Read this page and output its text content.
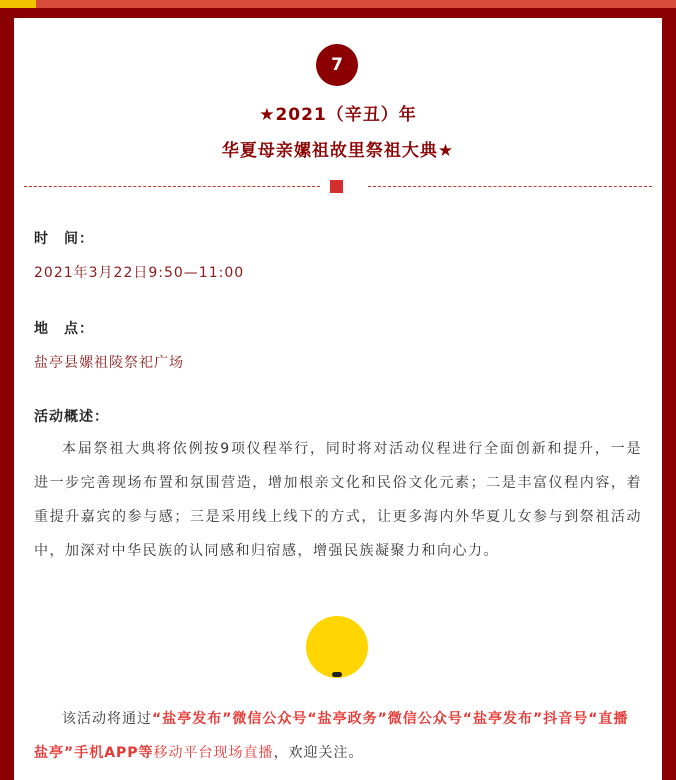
7
★2021（辛丑）年
华夏母亲嫘祖故里祭祖大典★
时　间：
2021年3月22日9:50—11:00
地　点：
盐亭县嫘祖陵祭祀广场
活动概述：

本届祭祖大典将依例按9项仪程举行，同时将对活动仪程进行全面创新和提升，一是进一步完善现场布置和氛围营造，增加根亲文化和民俗文化元素；二是丰富仪程内容，着重提升嘉宾的参与感；三是采用线上线下的方式，让更多海内外华夏儿女参与到祭祖活动中，加深对中华民族的认同感和归宿感，增强民族凝聚力和向心力。

该活动将通过“盐亭发布”微信公众号“盐亭政务”微信公众号“盐亭发布”抖音号“直播盐亭”手机APP等移动平台现场直播，欢迎关注。
